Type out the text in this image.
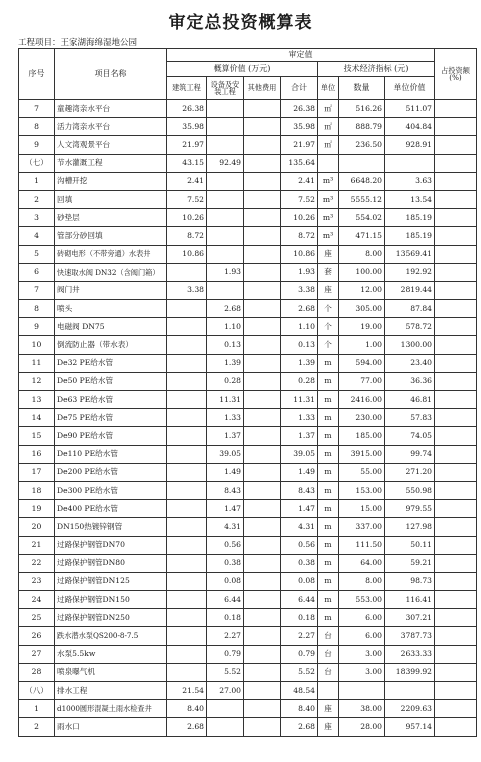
审定总投资概算表
工程项目：王家湖海绵湿地公园
序号	项目名称	审定值							占投资额 (%)
		概算价值 (万元)				技术经济指标 (元)			
		建筑工程	设备及安装工程	其他费用	合计	单位	数量	单位价值	
7	童趣湾亲水平台	26.38			26.38	㎡	516.26	511.07	
8	活力湾亲水平台	35.98			35.98	㎡	888.79	404.84	
9	人文湾观景平台	21.97			21.97	㎡	236.50	928.91	
（七）	节水灌溉工程	43.15	92.49		135.64				
1	沟槽开挖	2.41			2.41	m³	6648.20	3.63	
2	回填	7.52			7.52	m³	5555.12	13.54	
3	砂垫层	10.26			10.26	m³	554.02	185.19	
4	管部分砂回填	8.72			8.72	m³	471.15	185.19	
5	砖砌电形（不带旁通）水表井	10.86			10.86	座	8.00	13569.41	
6	快速取水阀 DN32（含阀门箱）		1.93		1.93	套	100.00	192.92	
7	阀门井	3.38			3.38	座	12.00	2819.44	
8	喷头		2.68		2.68	个	305.00	87.84	
9	电磁阀 DN75		1.10		1.10	个	19.00	578.72	
10	倒流防止器（带水表）		0.13		0.13	个	1.00	1300.00	
11	De32 PE给水管		1.39		1.39	m	594.00	23.40	
12	De50 PE给水管		0.28		0.28	m	77.00	36.36	
13	De63 PE给水管		11.31		11.31	m	2416.00	46.81	
14	De75 PE给水管		1.33		1.33	m	230.00	57.83	
15	De90 PE给水管		1.37		1.37	m	185.00	74.05	
16	De110 PE给水管		39.05		39.05	m	3915.00	99.74	
17	De200 PE给水管		1.49		1.49	m	55.00	271.20	
18	De300 PE给水管		8.43		8.43	m	153.00	550.98	
19	De400 PE给水管		1.47		1.47	m	15.00	979.55	
20	DN150热镀锌钢管		4.31		4.31	m	337.00	127.98	
21	过路保护钢管DN70		0.56		0.56	m	111.50	50.11	
22	过路保护钢管DN80		0.38		0.38	m	64.00	59.21	
23	过路保护钢管DN125		0.08		0.08	m	8.00	98.73	
24	过路保护钢管DN150		6.44		6.44	m	553.00	116.41	
25	过路保护钢管DN250		0.18		0.18	m	6.00	307.21	
26	跌水潜水泵QS200-8-7.5		2.27		2.27	台	6.00	3787.73	
27	水泵5.5kw		0.79		0.79	台	3.00	2633.33	
28	喷泉曝气机		5.52		5.52	台	3.00	18399.92	
（八）	排水工程	21.54	27.00		48.54				
1	d1000圆形混凝土雨水检查井	8.40			8.40	座	38.00	2209.63	
2	雨水口	2.68			2.68	座	28.00	957.14	
